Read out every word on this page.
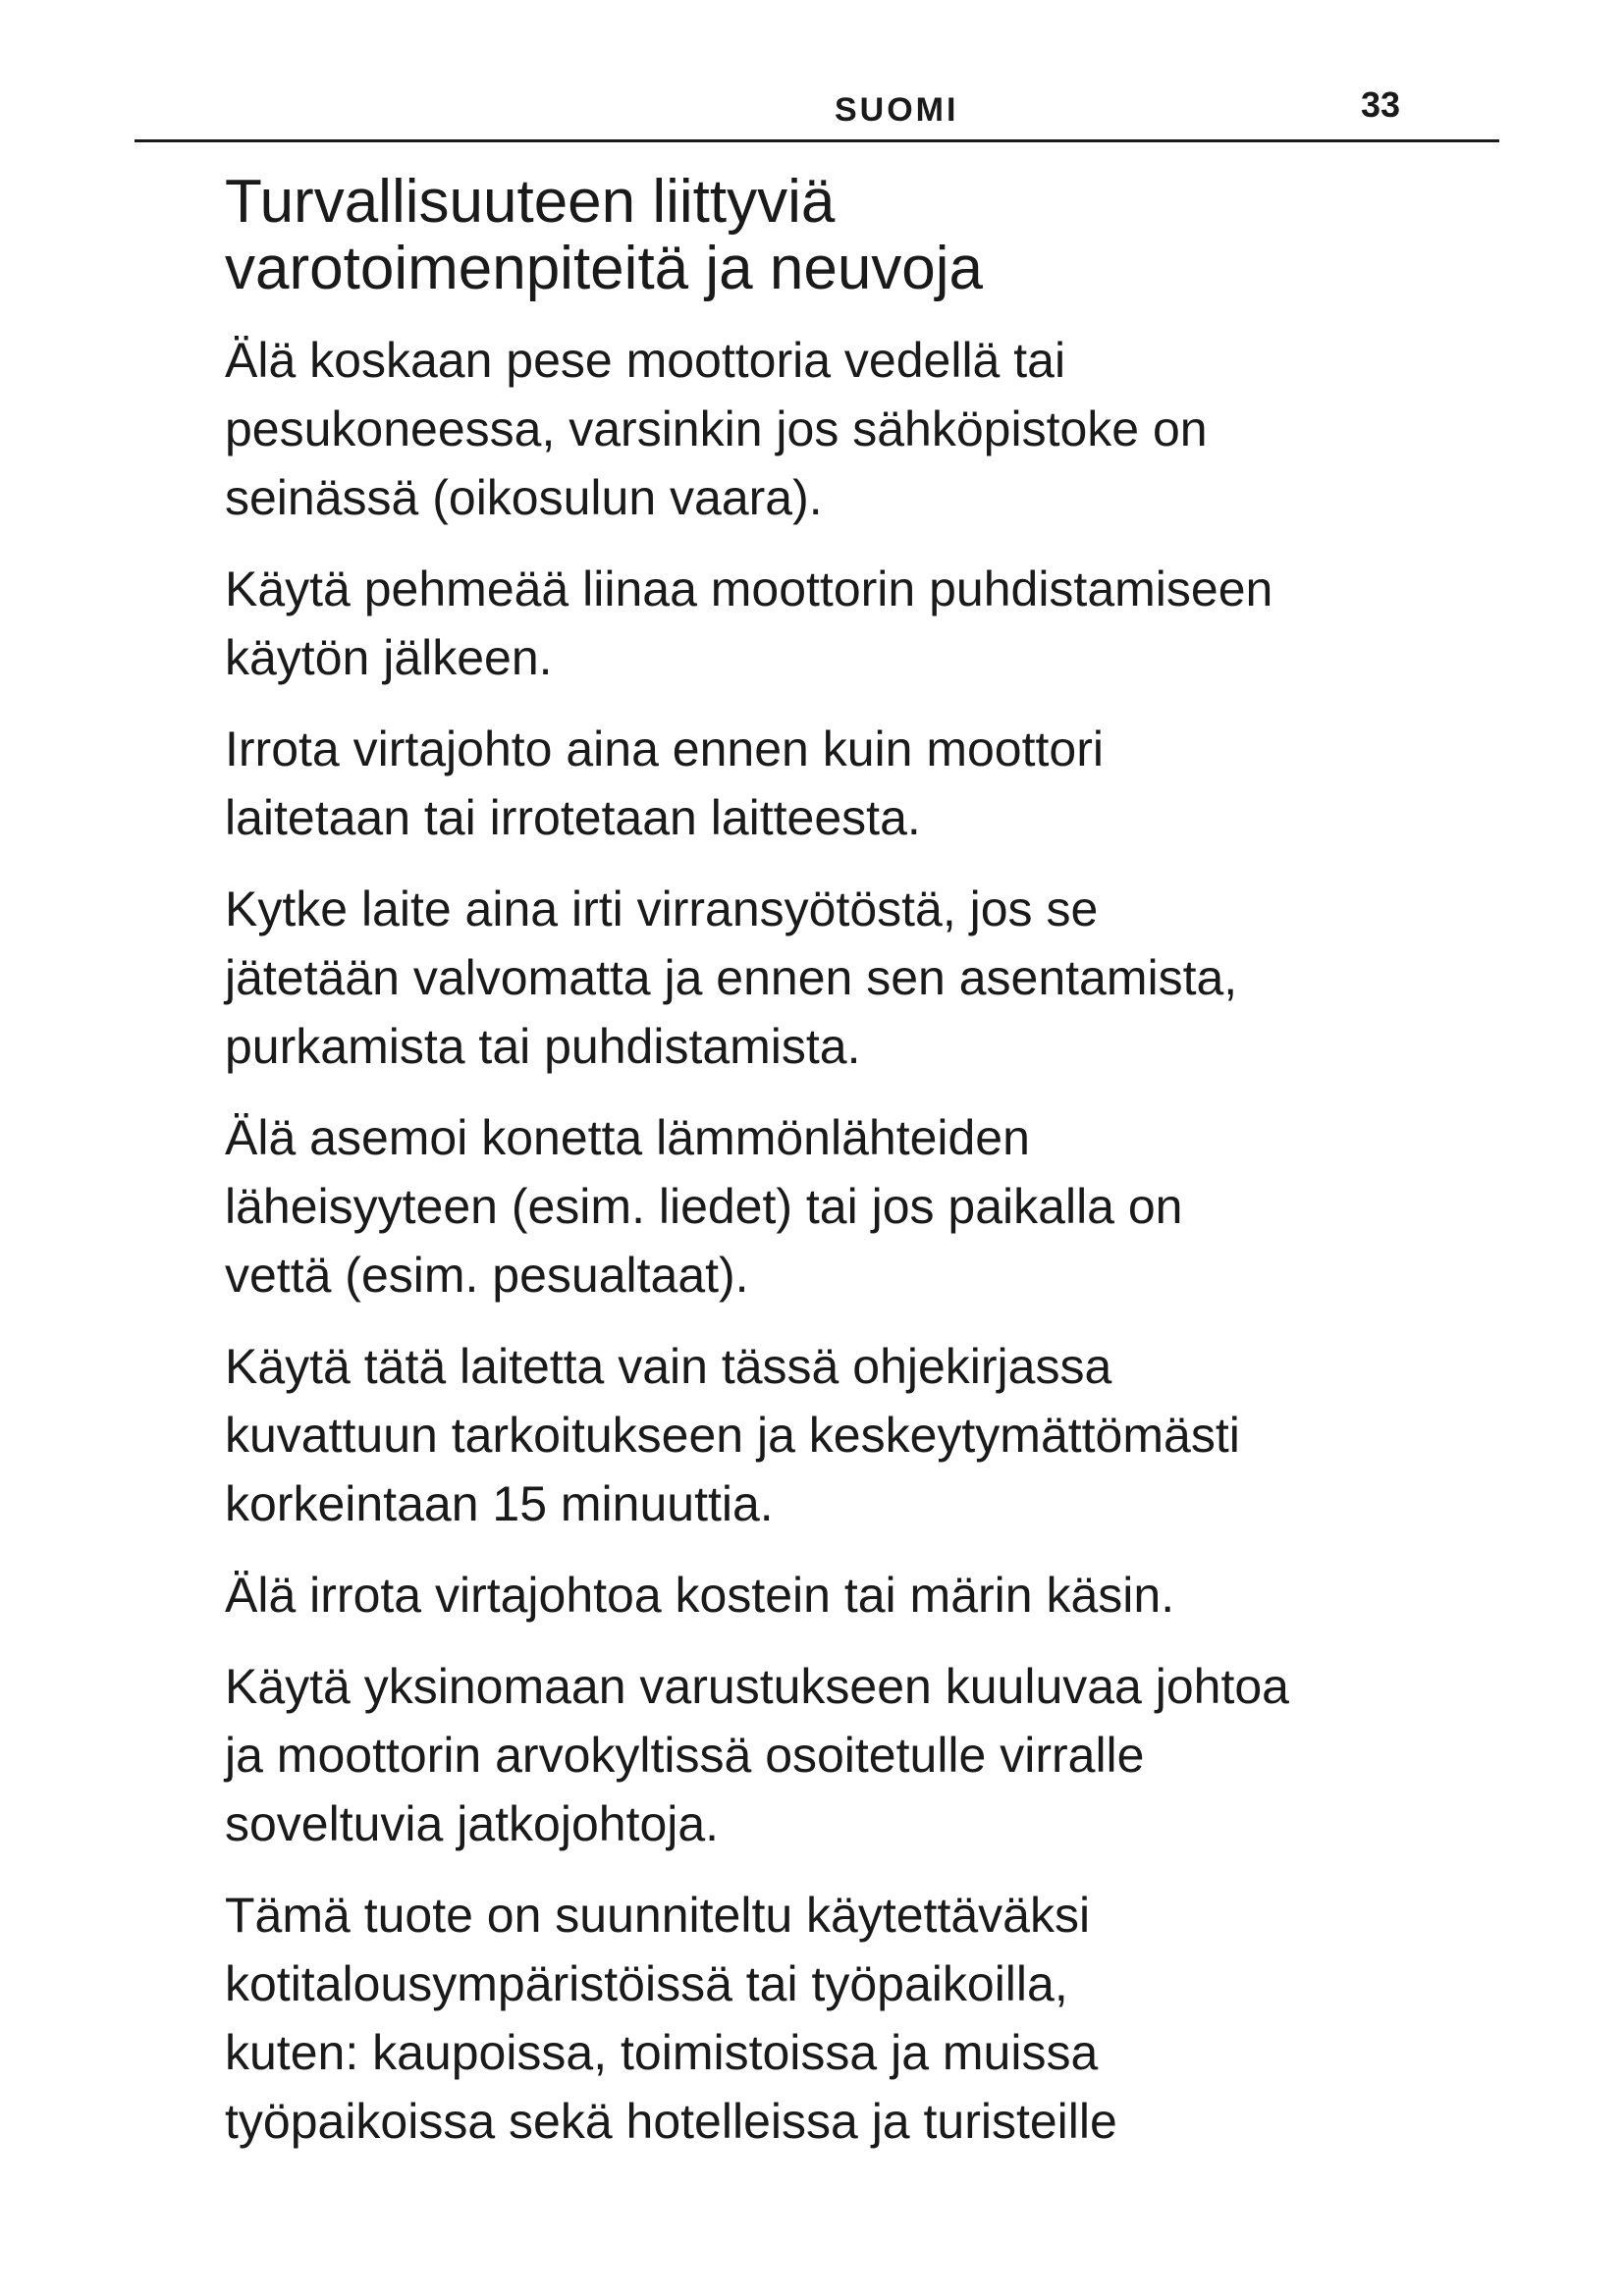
SUOMI	33
Turvallisuuteen liittyviä
varotoimenpiteitä ja neuvoja

Älä koskaan pese moottoria vedellä tai
pesukoneessa, varsinkin jos sähköpistoke on
seinässä (oikosulun vaara).

Käytä pehmeää liinaa moottorin puhdistamiseen
käytön jälkeen.

Irrota virtajohto aina ennen kuin moottori
laitetaan tai irrotetaan laitteesta.

Kytke laite aina irti virransyötöstä, jos se
jätetään valvomatta ja ennen sen asentamista,
purkamista tai puhdistamista.

Älä asemoi konetta lämmönlähteiden
läheisyyteen (esim. liedet) tai jos paikalla on
vettä (esim. pesualtaat).

Käytä tätä laitetta vain tässä ohjekirjassa
kuvattuun tarkoitukseen ja keskeytymättömästi
korkeintaan 15 minuuttia.

Älä irrota virtajohtoa kostein tai märin käsin.

Käytä yksinomaan varustukseen kuuluvaa johtoa
ja moottorin arvokyltissä osoitetulle virralle
soveltuvia jatkojohtoja.

Tämä tuote on suunniteltu käytettäväksi
kotitalousympäristöissä tai työpaikoilla,
kuten: kaupoissa, toimistoissa ja muissa
työpaikoissa sekä hotelleissa ja turisteille
